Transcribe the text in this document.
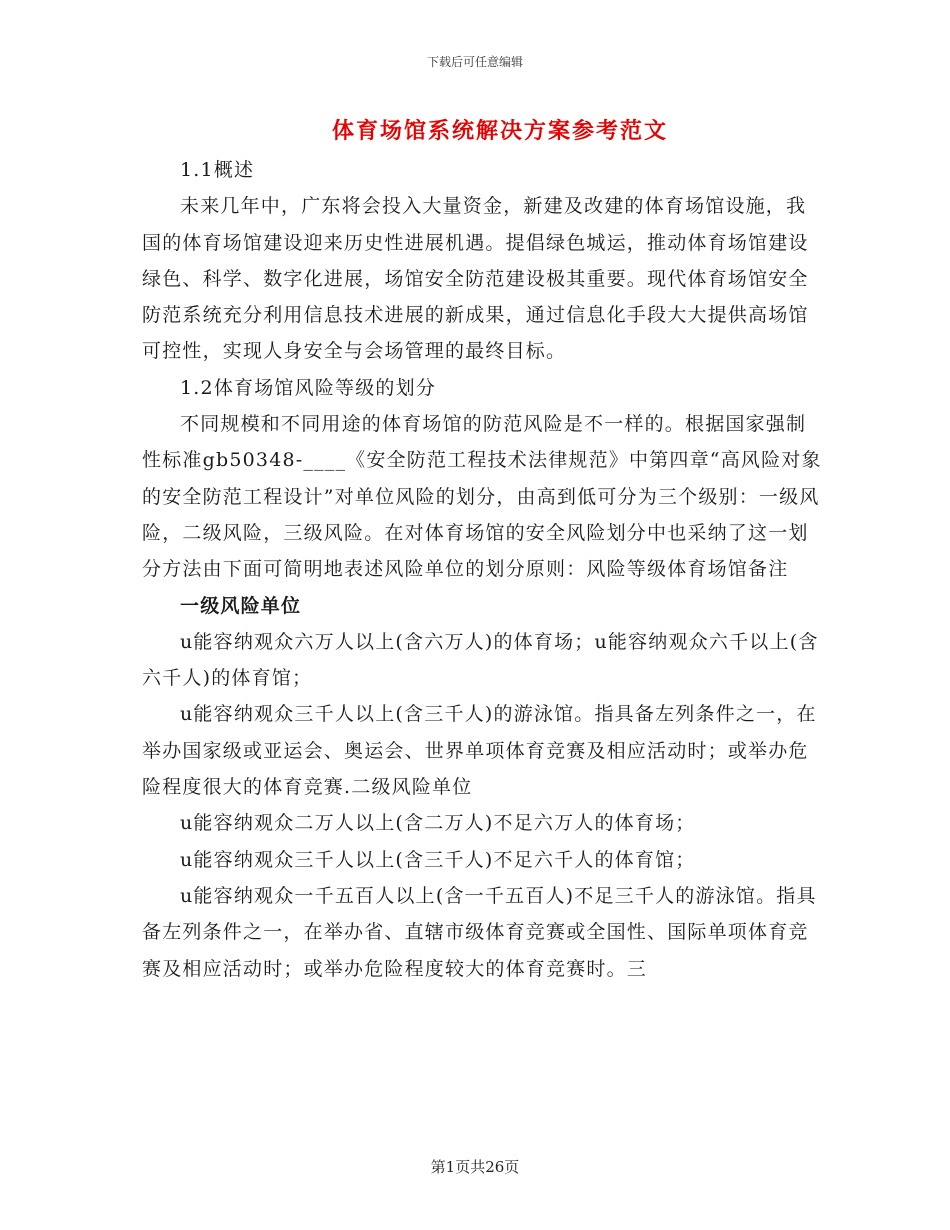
下载后可任意编辑
体育场馆系统解决方案参考范文

1.1概述

未来几年中，广东将会投入大量资金，新建及改建的体育场馆设施，我国的体育场馆建设迎来历史性进展机遇。提倡绿色城运，推动体育场馆建设绿色、科学、数字化进展，场馆安全防范建设极其重要。现代体育场馆安全防范系统充分利用信息技术进展的新成果，通过信息化手段大大提供高场馆可控性，实现人身安全与会场管理的最终目标。

1.2体育场馆风险等级的划分

不同规模和不同用途的体育场馆的防范风险是不一样的。根据国家强制性标准gb50348-____《安全防范工程技术法律规范》中第四章“高风险对象的安全防范工程设计”对单位风险的划分，由高到低可分为三个级别：一级风险，二级风险，三级风险。在对体育场馆的安全风险划分中也采纳了这一划分方法由下面可简明地表述风险单位的划分原则：风险等级体育场馆备注

一级风险单位

u能容纳观众六万人以上(含六万人)的体育场；u能容纳观众六千以上(含六千人)的体育馆；

u能容纳观众三千人以上(含三千人)的游泳馆。指具备左列条件之一，在举办国家级或亚运会、奥运会、世界单项体育竞赛及相应活动时；或举办危险程度很大的体育竞赛.二级风险单位

u能容纳观众二万人以上(含二万人)不足六万人的体育场；

u能容纳观众三千人以上(含三千人)不足六千人的体育馆；

u能容纳观众一千五百人以上(含一千五百人)不足三千人的游泳馆。指具备左列条件之一，在举办省、直辖市级体育竞赛或全国性、国际单项体育竞赛及相应活动时；或举办危险程度较大的体育竞赛时。三

第1页共26页
